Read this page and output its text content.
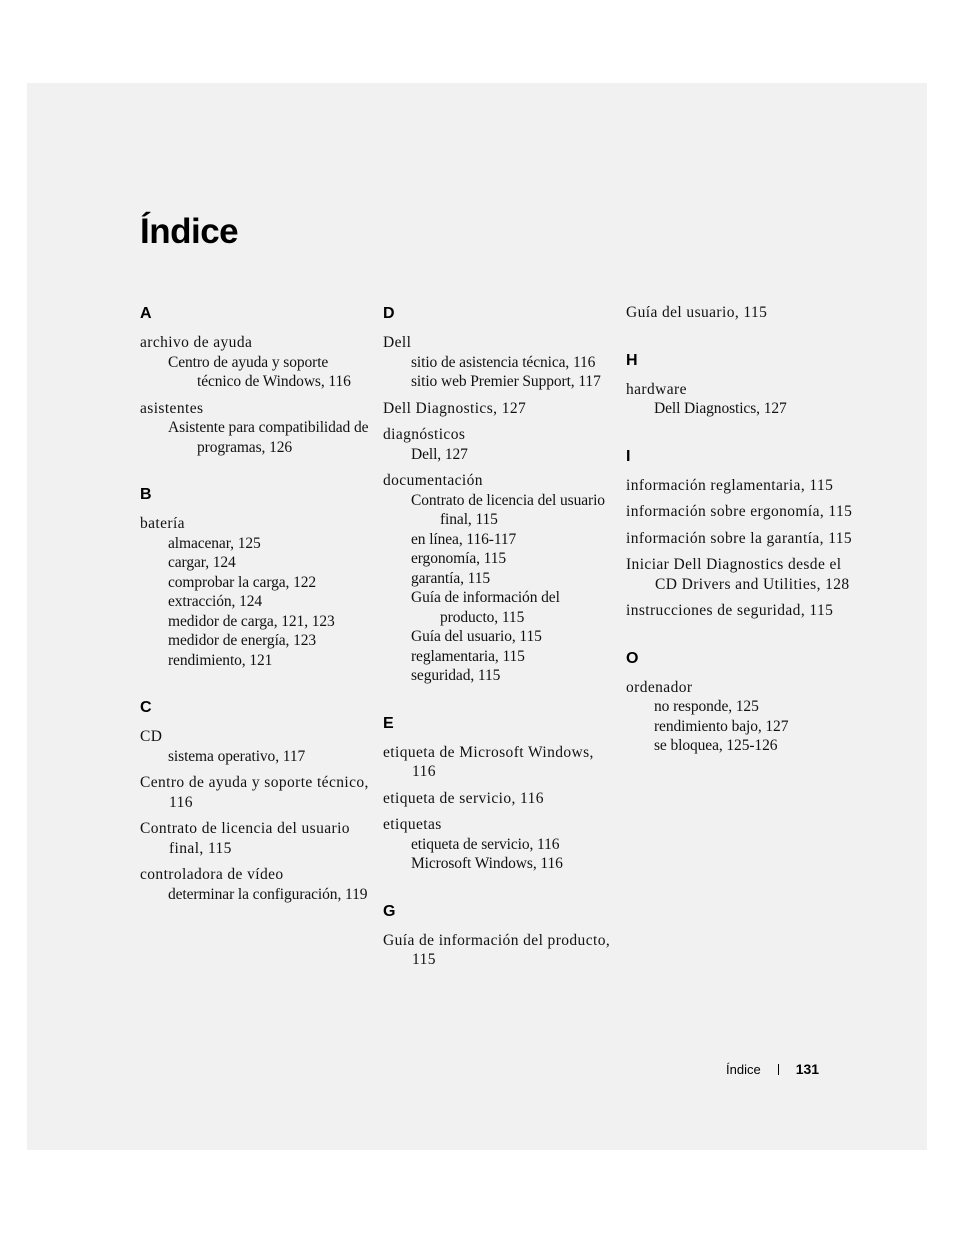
Índice
A
archivo de ayuda
Centro de ayuda y soporte técnico de Windows, 116
asistentes
Asistente para compatibilidad de programas, 126
B
batería
almacenar, 125
cargar, 124
comprobar la carga, 122
extracción, 124
medidor de carga, 121, 123
medidor de energía, 123
rendimiento, 121
C
CD
sistema operativo, 117
Centro de ayuda y soporte técnico, 116
Contrato de licencia del usuario final, 115
controladora de vídeo
determinar la configuración, 119
D
Dell
sitio de asistencia técnica, 116
sitio web Premier Support, 117
Dell Diagnostics, 127
diagnósticos
Dell, 127
documentación
Contrato de licencia del usuario final, 115
en línea, 116-117
ergonomía, 115
garantía, 115
Guía de información del producto, 115
Guía del usuario, 115
reglamentaria, 115
seguridad, 115
E
etiqueta de Microsoft Windows, 116
etiqueta de servicio, 116
etiquetas
etiqueta de servicio, 116
Microsoft Windows, 116
G
Guía de información del producto, 115
Guía del usuario, 115
H
hardware
Dell Diagnostics, 127
I
información reglamentaria, 115
información sobre ergonomía, 115
información sobre la garantía, 115
Iniciar Dell Diagnostics desde el CD Drivers and Utilities, 128
instrucciones de seguridad, 115
O
ordenador
no responde, 125
rendimiento bajo, 127
se bloquea, 125-126
Índice	131
